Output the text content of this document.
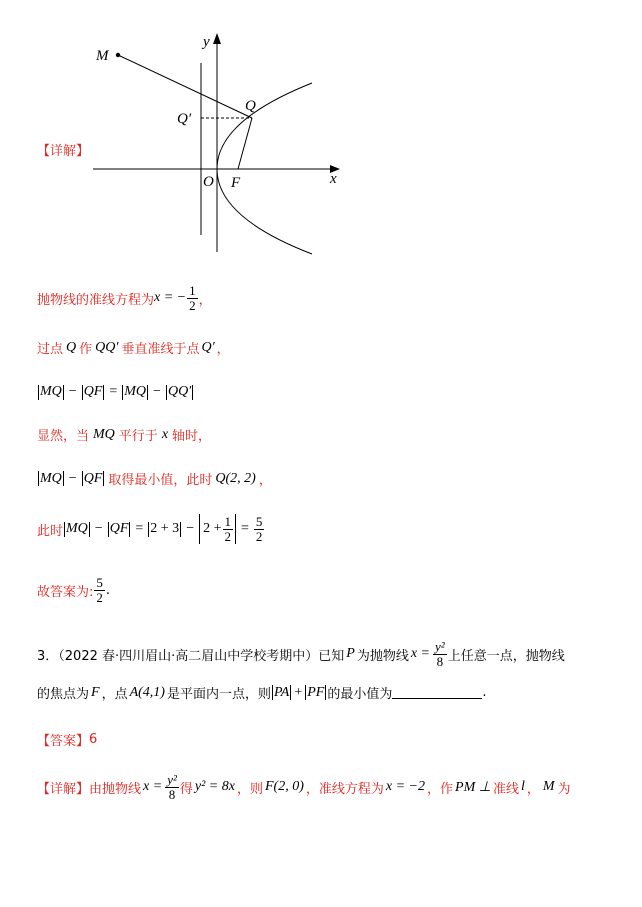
M
Q
Q′
O F	x
y
【详解】
抛物线的准线方程为 x = − $\frac{1}{2}$ ，
过点 Q 作 QQ′ 垂直准线于点 Q′ ，
MQ − QF = MQ − QQ′
显然，当 MQ 平行于 x 轴时，
MQ − QF 取得最小值，此时 Q(2, 2) ，
此时 MQ − QF = $2 + 3 - 2 + \frac{1}{2} = \frac{5}{2}$
故答案为: $\frac{5}{2}$ .
3．（2022 春·四川眉山·高二眉山中学校考期中）已知 P 为抛物线 $x = \frac{\text{y²}}{8}$ 上任意一点，抛物线
的焦点为 F ，点 A(4,1) 是平面内一点，则 PA + PF 的最小值为	.
【答案】 6
【详解】 由抛物线 $x = \frac{\text{y²}}{8}$ 得 y² = 8x ，则 F(2, 0) ，准线方程为 x = −2 ，作 PM ⊥ 准线 l ， M 为
